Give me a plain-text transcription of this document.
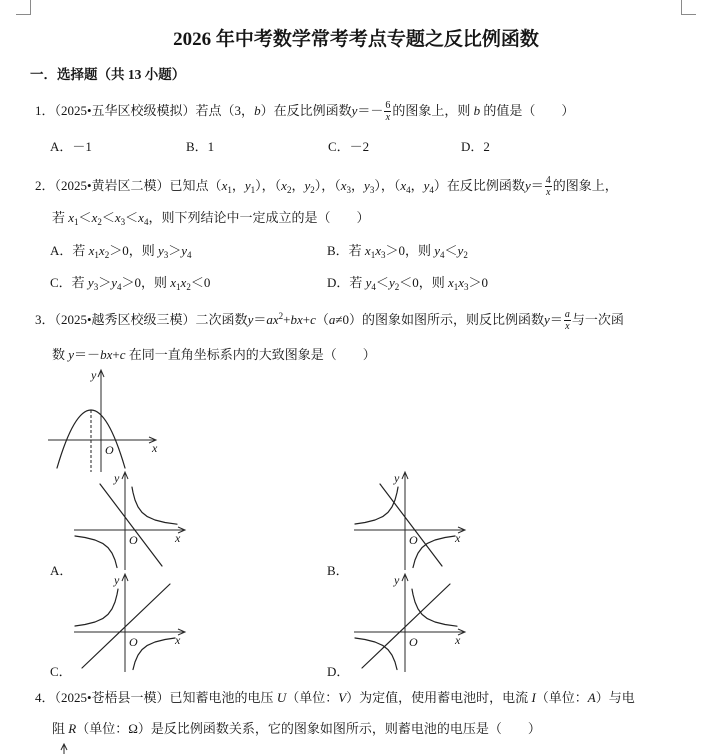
2026 年中考数学常考考点专题之反比例函数
一．选择题（共 13 小题）
1．（2025•五华区校级模拟）若点（3，b）在反比例函数$y=- \frac{6}{x}$ 的图象上，则 b 的值是（　　）
A．－1	B．1	C．－2	D．2
2．（2025•黄岩区二模）已知点（$x_1$，$y_1$），（$x_2$，$y_2$），（$x_3$，$y_3$），（$x_4$，$y_4$）在反比例函数$y= \frac{4}{x}$ 的图象上，
若 $x_1<x_2<x_3<x_4$，则下列结论中一定成立的是（　　）
A．若 $x_1x_2>0$，则 $y_3>y_4$	B．若 $x_1x_3>0$，则 $y_4<y_2$
C．若 $y_3>y_4>0$，则 $x_1x_2<0$	D．若 $y_4<y_2<0$，则 $x_1x_3>0$
3．（2025•越秀区校级三模）二次函数$y=ax^2+bx+c(a\ne 0)$的图象如图所示，则反比例函数$y= \frac{a}{x}$ 与一次函
数 y＝－bx+c 在同一直角坐标系内的大致图象是（　　）
y
x
O
y
x
O
A．
y
x
O
B．
y
x
O
C．
y
x
O
D．
4．（2025•苍梧县一模）已知蓄电池的电压 U（单位：V）为定值，使用蓄电池时，电流 I（单位：A）与电
阻 R（单位：Ω）是反比例函数关系，它的图象如图所示，则蓄电池的电压是（　　）
